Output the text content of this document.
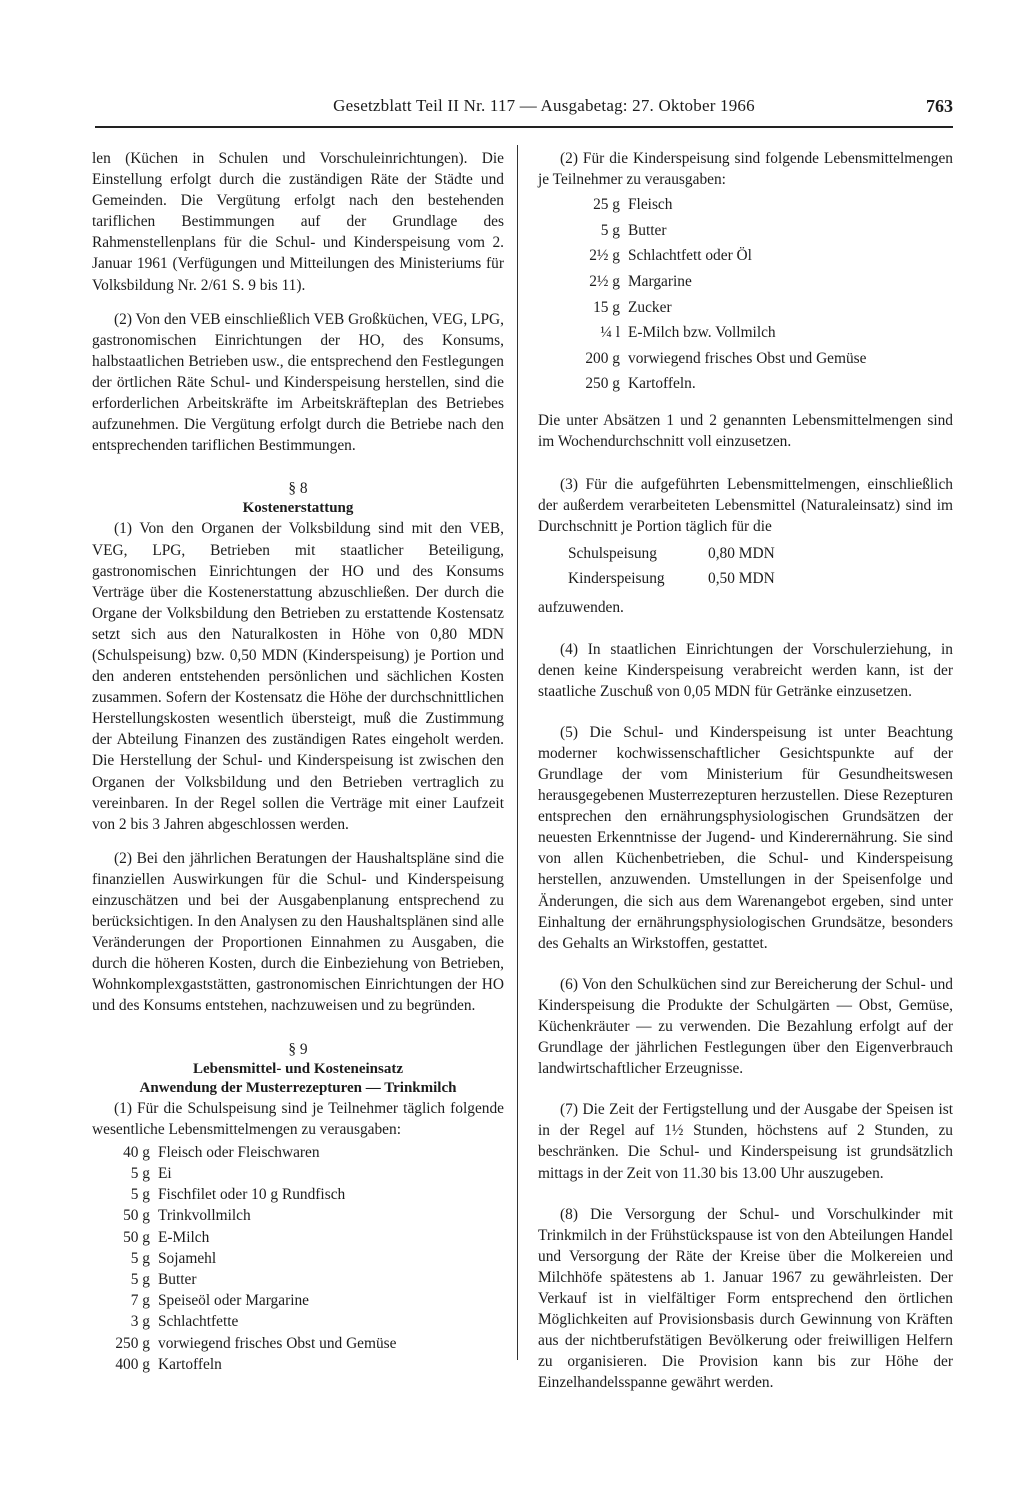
Gesetzblatt Teil II Nr. 117 — Ausgabetag: 27. Oktober 1966	763

len (Küchen in Schulen und Vorschuleinrichtungen). Die Einstellung erfolgt durch die zuständigen Räte der Städte und Gemeinden. Die Vergütung erfolgt nach den bestehenden tariflichen Bestimmungen auf der Grundlage des Rahmenstellenplans für die Schul- und Kinderspeisung vom 2. Januar 1961 (Verfügungen und Mitteilungen des Ministeriums für Volksbildung Nr. 2/61 S. 9 bis 11).

(2) Von den VEB einschließlich VEB Großküchen, VEG, LPG, gastronomischen Einrichtungen der HO, des Konsums, halbstaatlichen Betrieben usw., die entsprechend den Festlegungen der örtlichen Räte Schul- und Kinderspeisung herstellen, sind die erforderlichen Arbeitskräfte im Arbeitskräfteplan des Betriebes aufzunehmen. Die Vergütung erfolgt durch die Betriebe nach den entsprechenden tariflichen Bestimmungen.

§ 8
Kostenerstattung

(1) Von den Organen der Volksbildung sind mit den VEB, VEG, LPG, Betrieben mit staatlicher Beteiligung, gastronomischen Einrichtungen der HO und des Konsums Verträge über die Kostenerstattung abzuschließen. Der durch die Organe der Volksbildung den Betrieben zu erstattende Kostensatz setzt sich aus den Naturalkosten in Höhe von 0,80 MDN (Schulspeisung) bzw. 0,50 MDN (Kinderspeisung) je Portion und den anderen entstehenden persönlichen und sächlichen Kosten zusammen. Sofern der Kostensatz die Höhe der durchschnittlichen Herstellungskosten wesentlich übersteigt, muß die Zustimmung der Abteilung Finanzen des zuständigen Rates eingeholt werden. Die Herstellung der Schul- und Kinderspeisung ist zwischen den Organen der Volksbildung und den Betrieben vertraglich zu vereinbaren. In der Regel sollen die Verträge mit einer Laufzeit von 2 bis 3 Jahren abgeschlossen werden.

(2) Bei den jährlichen Beratungen der Haushaltspläne sind die finanziellen Auswirkungen für die Schul- und Kinderspeisung einzuschätzen und bei der Ausgabenplanung entsprechend zu berücksichtigen. In den Analysen zu den Haushaltsplänen sind alle Veränderungen der Proportionen Einnahmen zu Ausgaben, die durch die höheren Kosten, durch die Einbeziehung von Betrieben, Wohnkomplexgaststätten, gastronomischen Einrichtungen der HO und des Konsums entstehen, nachzuweisen und zu begründen.

§ 9
Lebensmittel- und Kosteneinsatz
Anwendung der Musterrezepturen — Trinkmilch

(1) Für die Schulspeisung sind je Teilnehmer täglich folgende wesentliche Lebensmittelmengen zu verausgaben:

40 g Fleisch oder Fleischwaren
5 g Ei
5 g Fischfilet oder 10 g Rundfisch
50 g Trinkvollmilch
50 g E-Milch
5 g Sojamehl
5 g Butter
7 g Speiseöl oder Margarine
3 g Schlachtfette
250 g vorwiegend frisches Obst und Gemüse
400 g Kartoffeln

(2) Für die Kinderspeisung sind folgende Lebensmittelmengen je Teilnehmer zu verausgaben:

25 g Fleisch
5 g Butter
2½ g Schlachtfett oder Öl
2½ g Margarine
15 g Zucker
¼ l E-Milch bzw. Vollmilch
200 g vorwiegend frisches Obst und Gemüse
250 g Kartoffeln.

Die unter Absätzen 1 und 2 genannten Lebensmittelmengen sind im Wochendurchschnitt voll einzusetzen.

(3) Für die aufgeführten Lebensmittelmengen, einschließlich der außerdem verarbeiteten Lebensmittel (Naturaleinsatz) sind im Durchschnitt je Portion täglich für die

Schulspeisung	0,80 MDN
Kinderspeisung	0,50 MDN

aufzuwenden.

(4) In staatlichen Einrichtungen der Vorschulerziehung, in denen keine Kinderspeisung verabreicht werden kann, ist der staatliche Zuschuß von 0,05 MDN für Getränke einzusetzen.

(5) Die Schul- und Kinderspeisung ist unter Beachtung moderner kochwissenschaftlicher Gesichtspunkte auf der Grundlage der vom Ministerium für Gesundheitswesen herausgegebenen Musterrezepturen herzustellen. Diese Rezepturen entsprechen den ernährungsphysiologischen Grundsätzen der neuesten Erkenntnisse der Jugend- und Kinderernährung. Sie sind von allen Küchenbetrieben, die Schul- und Kinderspeisung herstellen, anzuwenden. Umstellungen in der Speisenfolge und Änderungen, die sich aus dem Warenangebot ergeben, sind unter Einhaltung der ernährungsphysiologischen Grundsätze, besonders des Gehalts an Wirkstoffen, gestattet.

(6) Von den Schulküchen sind zur Bereicherung der Schul- und Kinderspeisung die Produkte der Schulgärten — Obst, Gemüse, Küchenkräuter — zu verwenden. Die Bezahlung erfolgt auf der Grundlage der jährlichen Festlegungen über den Eigenverbrauch landwirtschaftlicher Erzeugnisse.

(7) Die Zeit der Fertigstellung und der Ausgabe der Speisen ist in der Regel auf 1½ Stunden, höchstens auf 2 Stunden, zu beschränken. Die Schul- und Kinderspeisung ist grundsätzlich mittags in der Zeit von 11.30 bis 13.00 Uhr auszugeben.

(8) Die Versorgung der Schul- und Vorschulkinder mit Trinkmilch in der Frühstückspause ist von den Abteilungen Handel und Versorgung der Räte der Kreise über die Molkereien und Milchhöfe spätestens ab 1. Januar 1967 zu gewährleisten. Der Verkauf ist in vielfältiger Form entsprechend den örtlichen Möglichkeiten auf Provisionsbasis durch Gewinnung von Kräften aus der nichtberufstätigen Bevölkerung oder freiwilligen Helfern zu organisieren. Die Provision kann bis zur Höhe der Einzelhandelsspanne gewährt werden.
